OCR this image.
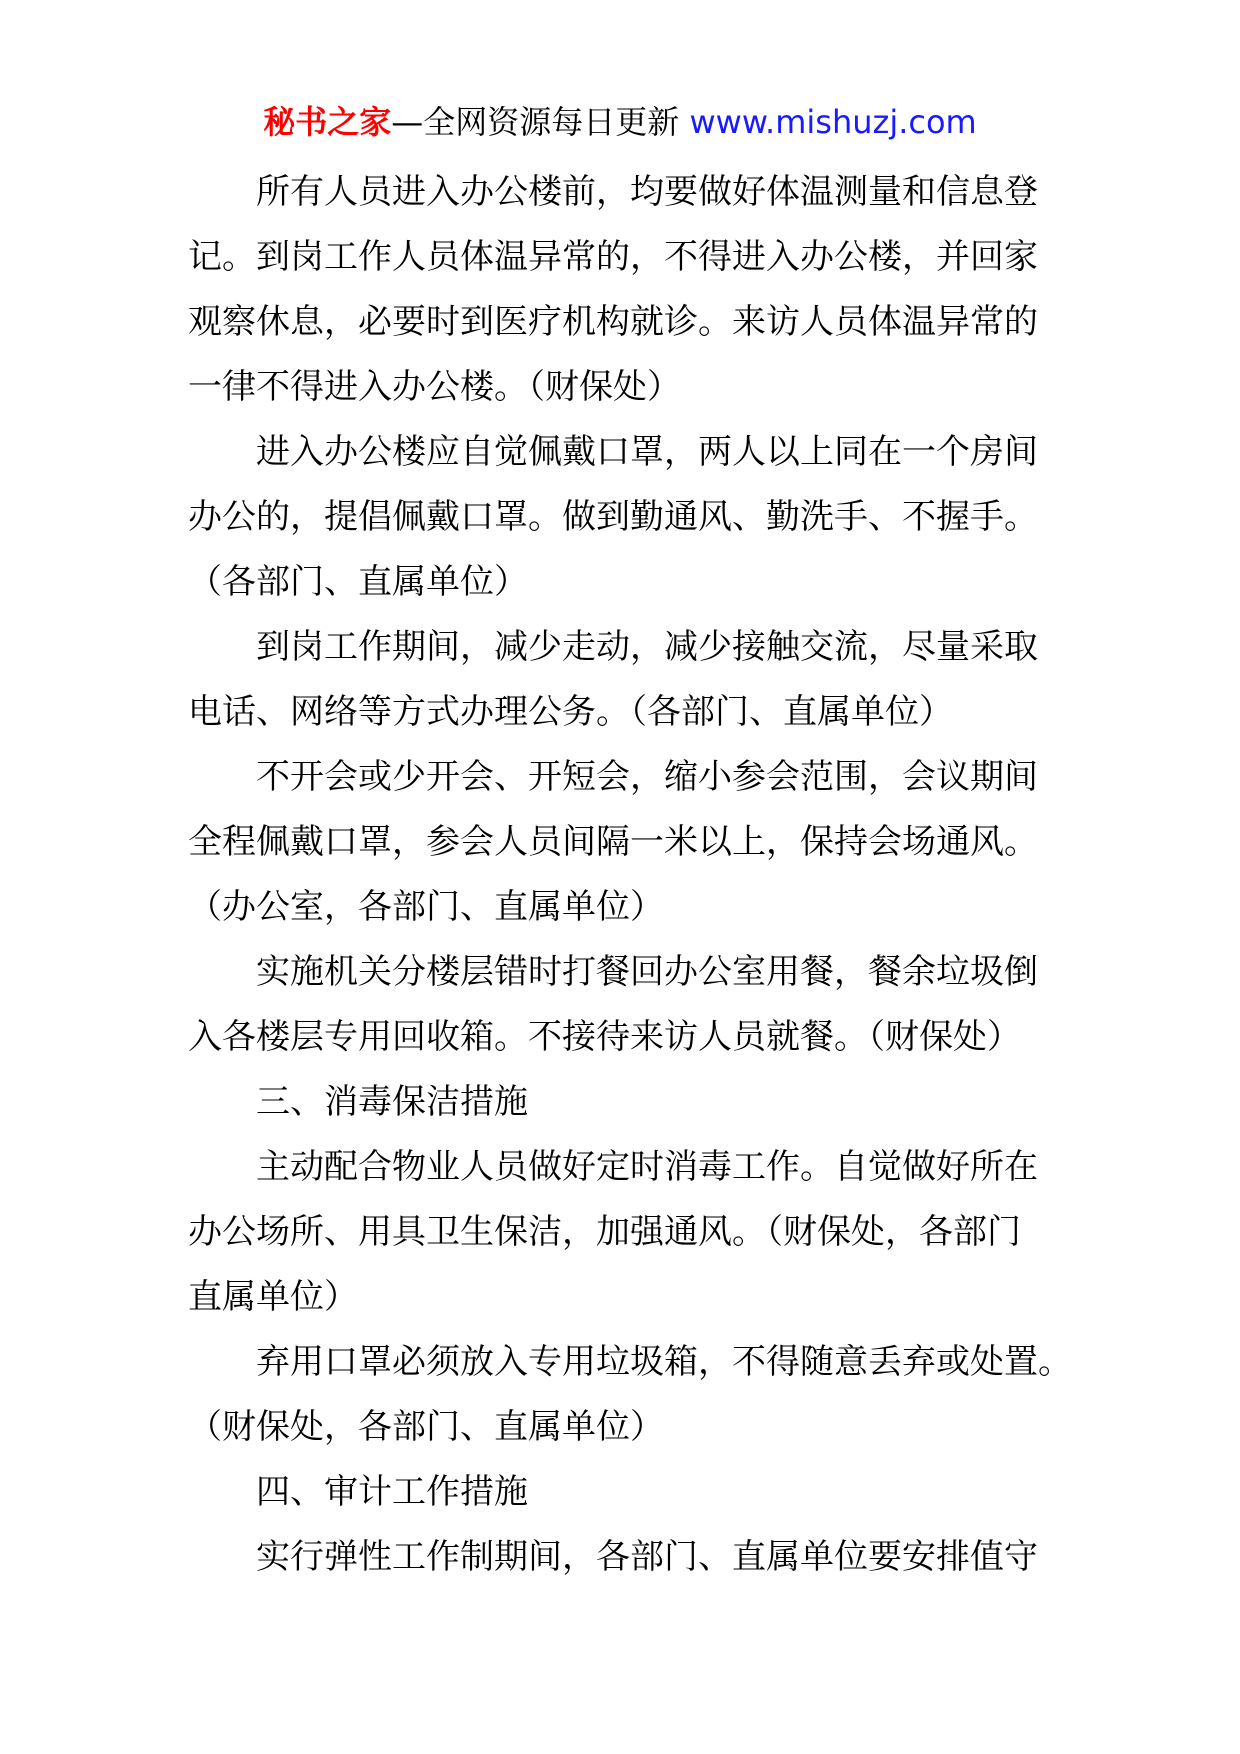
秘书之家—全网资源每日更新 www.mishuzj.com
所有人员进入办公楼前，均要做好体温测量和信息登
记。到岗工作人员体温异常的，不得进入办公楼，并回家
观察休息，必要时到医疗机构就诊。来访人员体温异常的
一律不得进入办公楼。（财保处）
进入办公楼应自觉佩戴口罩，两人以上同在一个房间
办公的，提倡佩戴口罩。做到勤通风、勤洗手、不握手。
（各部门、直属单位）
到岗工作期间，减少走动，减少接触交流，尽量采取
电话、网络等方式办理公务。（各部门、直属单位）
不开会或少开会、开短会，缩小参会范围，会议期间
全程佩戴口罩，参会人员间隔一米以上，保持会场通风。
（办公室，各部门、直属单位）
实施机关分楼层错时打餐回办公室用餐，餐余垃圾倒
入各楼层专用回收箱。不接待来访人员就餐。（财保处）
三、消毒保洁措施
主动配合物业人员做好定时消毒工作。自觉做好所在
办公场所、用具卫生保洁，加强通风。（财保处，各部门
直属单位）
弃用口罩必须放入专用垃圾箱，不得随意丢弃或处置。
（财保处，各部门、直属单位）
四、审计工作措施
实行弹性工作制期间，各部门、直属单位要安排值守
